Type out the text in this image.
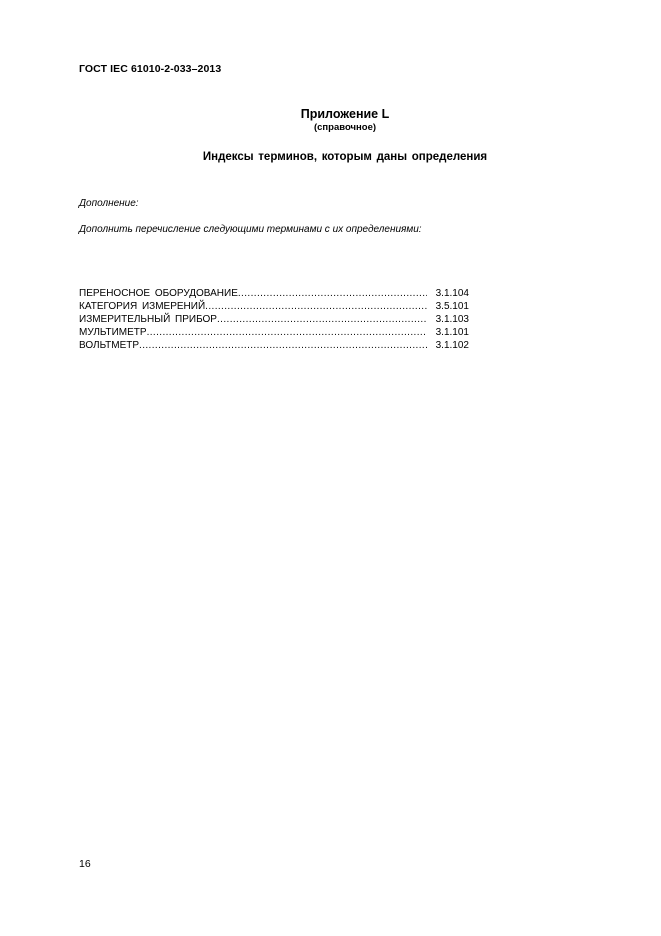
ГОСТ IEC 61010-2-033–2013
Приложение L
(справочное)
Индексы терминов, которым даны определения
Дополнение:
Дополнить перечисление следующими терминами с их определениями:
ПЕРЕНОСНОЕ ОБОРУДОВАНИЕ .....	3.1.104
КАТЕГОРИЯ ИЗМЕРЕНИЙ .....	3.5.101
ИЗМЕРИТЕЛЬНЫЙ ПРИБОР .....	3.1.103
МУЛЬТИМЕТР .....	3.1.101
ВОЛЬТМЕТР .....	3.1.102
16
